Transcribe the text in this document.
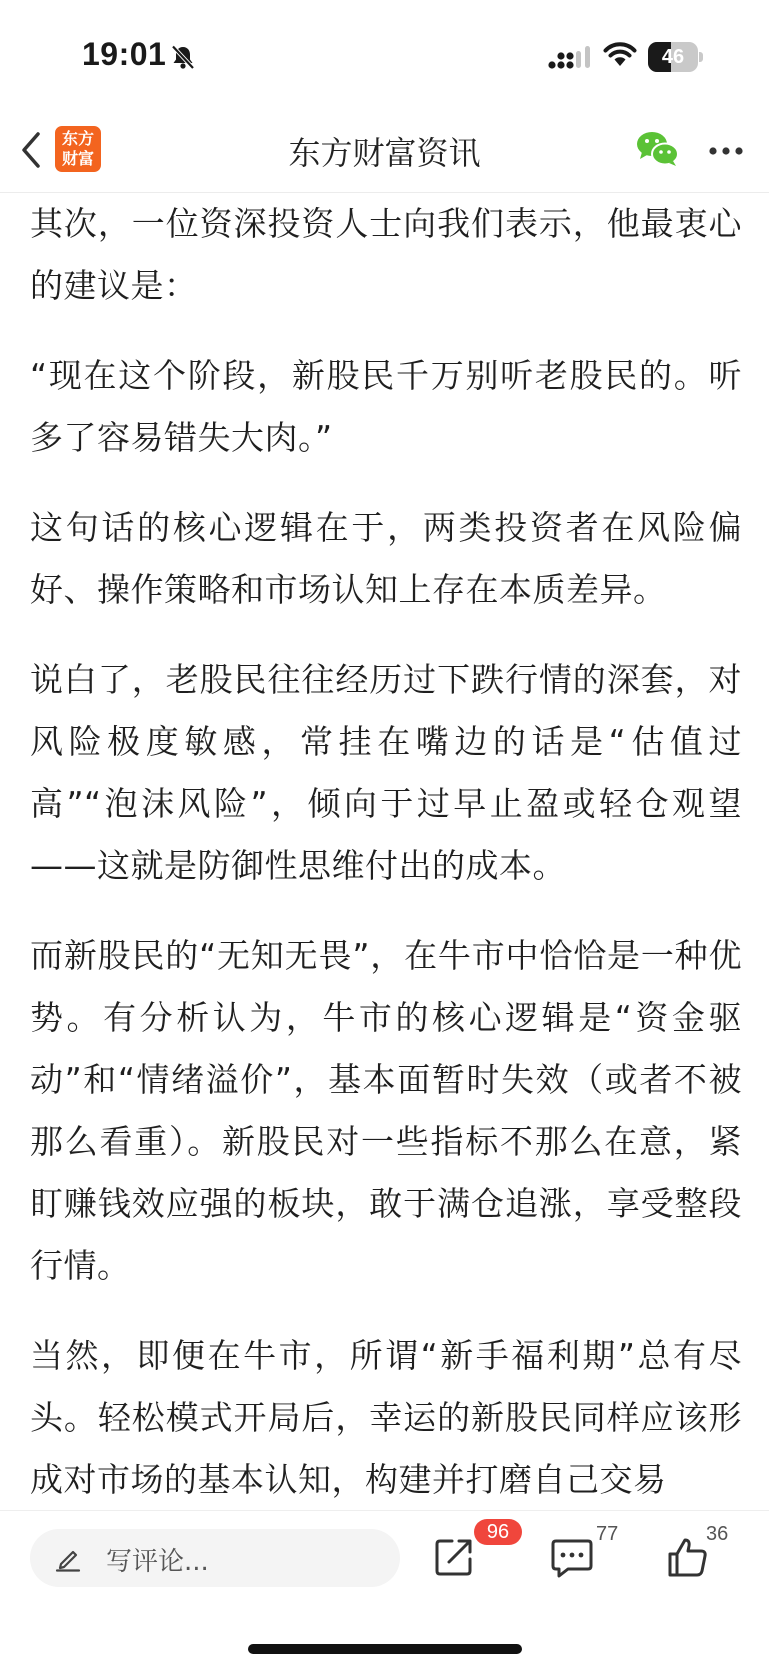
19:01	46
东方
财富	东方财富资讯

其次，一位资深投资人士向我们表示，他最衷心的建议是：

“现在这个阶段，新股民千万别听老股民的。听多了容易错失大肉。”

这句话的核心逻辑在于，两类投资者在风险偏好、操作策略和市场认知上存在本质差异。

说白了，老股民往往经历过下跌行情的深套，对风险极度敏感，常挂在嘴边的话是“估值过高”“泡沫风险”，倾向于过早止盈或轻仓观望——这就是防御性思维付出的成本。

而新股民的“无知无畏”，在牛市中恰恰是一种优势。有分析认为，牛市的核心逻辑是“资金驱动”和“情绪溢价”，基本面暂时失效（或者不被那么看重）。新股民对一些指标不那么在意，紧盯赚钱效应强的板块，敢于满仓追涨，享受整段行情。

当然，即便在牛市，所谓“新手福利期”总有尽头。轻松模式开局后，幸运的新股民同样应该形成对市场的基本认知，构建并打磨自己交易

写评论...
96	77	36
